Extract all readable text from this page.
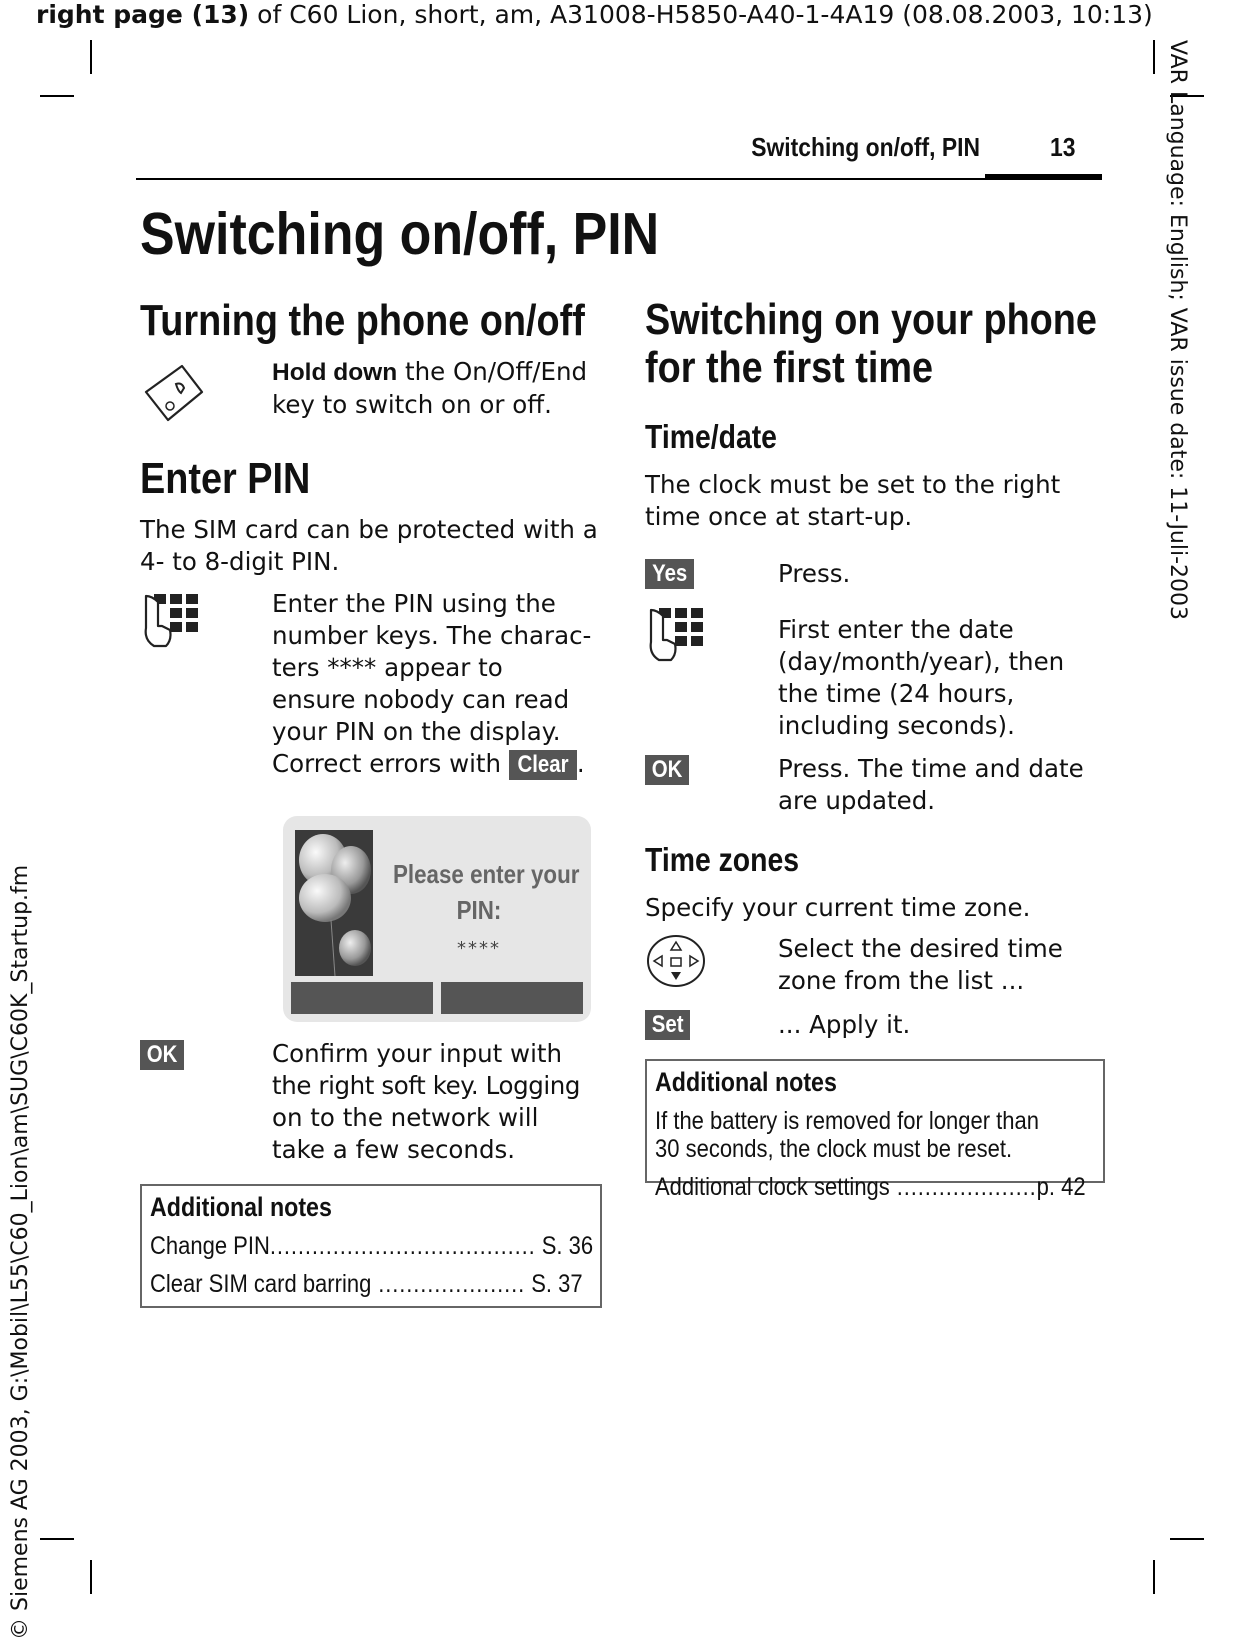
right page (13) of C60 Lion, short, am, A31008-H5850-A40-1-4A19 (08.08.2003, 10:13)
VAR Language: English; VAR issue date: 11-Juli-2003
© Siemens AG 2003, G:\Mobil\L55\C60_Lion\am\SUG\C60K_Startup.fm
Switching on/off, PIN	13
Switching on/off, PIN
Turning the phone on/off
Hold down the On/Off/End
key to switch on or off.
Enter PIN
The SIM card can be protected with a
4- to 8-digit PIN.
Enter the PIN using the
number keys. The charac-
ters **** appear to
ensure nobody can read
your PIN on the display.
Correct errors with Clear .
Please enter your
PIN:
****
OK	Confirm your input with
the right soft key. Logging
on to the network will
take a few seconds.
Additional notes
Change PIN...................................... S. 36
Clear SIM card barring ..................... S. 37
Switching on your phone
for the first time
Time/date
The clock must be set to the right
time once at start-up.
Yes	Press.
First enter the date
(day/month/year), then
the time (24 hours,
including seconds).
OK	Press. The time and date
are updated.
Time zones
Specify your current time zone.
Select the desired time
zone from the list ...
Set	... Apply it.
Additional notes
If the battery is removed for longer than
30 seconds, the clock must be reset.
Additional clock settings ....................p. 42
